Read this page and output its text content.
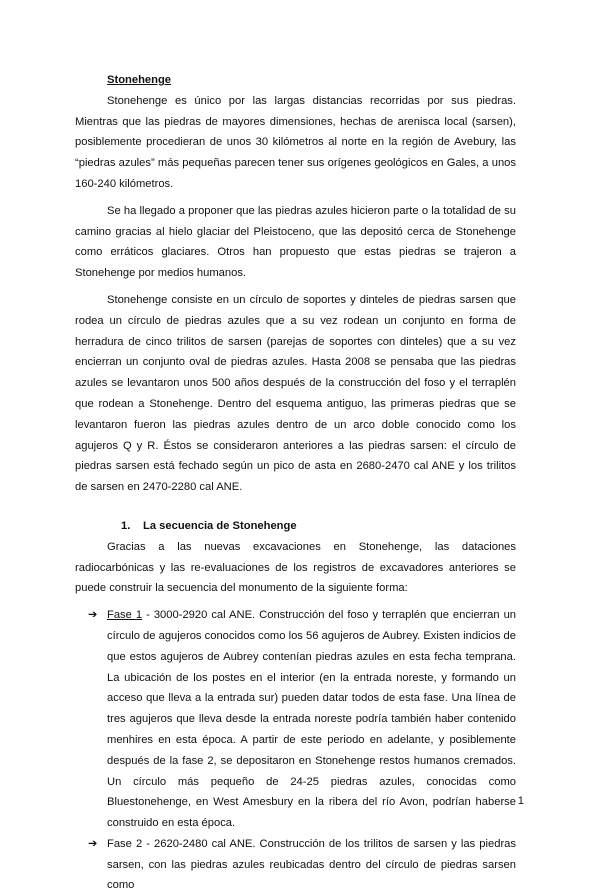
Stonehenge

Stonehenge es único por las largas distancias recorridas por sus piedras. Mientras que las piedras de mayores dimensiones, hechas de arenisca local (sarsen), posiblemente procedieran de unos 30 kilómetros al norte en la región de Avebury, las “piedras azules” más pequeñas parecen tener sus orígenes geológicos en Gales, a unos 160-240 kilómetros.

Se ha llegado a proponer que las piedras azules hicieron parte o la totalidad de su camino gracias al hielo glaciar del Pleistoceno, que las depositó cerca de Stonehenge como erráticos glaciares. Otros han propuesto que estas piedras se trajeron a Stonehenge por medios humanos.

Stonehenge consiste en un círculo de soportes y dinteles de piedras sarsen que rodea un círculo de piedras azules que a su vez rodean un conjunto en forma de herradura de cinco trilitos de sarsen (parejas de soportes con dinteles) que a su vez encierran un conjunto oval de piedras azules. Hasta 2008 se pensaba que las piedras azules se levantaron unos 500 años después de la construcción del foso y el terraplén que rodean a Stonehenge. Dentro del esquema antiguo, las primeras piedras que se levantaron fueron las piedras azules dentro de un arco doble conocido como los agujeros Q y R. Éstos se consideraron anteriores a las piedras sarsen: el círculo de piedras sarsen está fechado según un pico de asta en 2680-2470 cal ANE y los trilitos de sarsen en 2470-2280 cal ANE.

1. La secuencia de Stonehenge

Gracias a las nuevas excavaciones en Stonehenge, las dataciones radiocarbónicas y las re-evaluaciones de los registros de excavadores anteriores se puede construir la secuencia del monumento de la siguiente forma:

➔ Fase 1 - 3000-2920 cal ANE. Construcción del foso y terraplén que encierran un círculo de agujeros conocidos como los 56 agujeros de Aubrey. Existen indicios de que estos agujeros de Aubrey contenían piedras azules en esta fecha temprana. La ubicación de los postes en el interior (en la entrada noreste, y formando un acceso que lleva a la entrada sur) pueden datar todos de esta fase. Una línea de tres agujeros que lleva desde la entrada noreste podría también haber contenido menhires en esta época. A partir de este periodo en adelante, y posiblemente después de la fase 2, se depositaron en Stonehenge restos humanos cremados. Un círculo más pequeño de 24-25 piedras azules, conocidas como Bluestonehenge, en West Amesbury en la ribera del río Avon, podrían haberse construido en esta época.
➔ Fase 2 - 2620-2480 cal ANE. Construcción de los trilitos de sarsen y las piedras sarsen, con las piedras azules reubicadas dentro del círculo de piedras sarsen como
1
